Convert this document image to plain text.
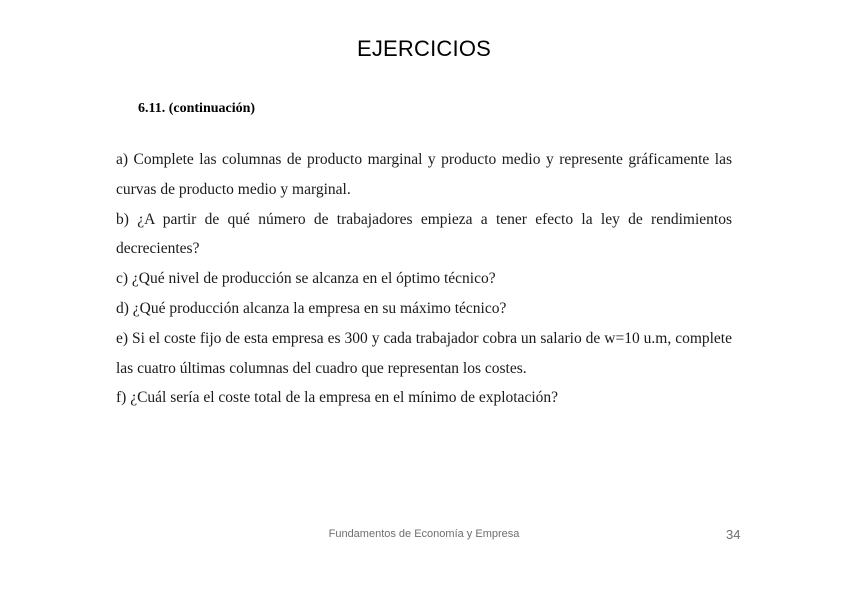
EJERCICIOS
6.11. (continuación)

a) Complete las columnas de producto marginal y producto medio y represente gráficamente las curvas de producto medio y marginal.

b) ¿A partir de qué número de trabajadores empieza a tener efecto la ley de rendimientos decrecientes?

c) ¿Qué nivel de producción se alcanza en el óptimo técnico?

d) ¿Qué producción alcanza la empresa en su máximo técnico?

e) Si el coste fijo de esta empresa es 300 y cada trabajador cobra un salario de w=10 u.m, complete las cuatro últimas columnas del cuadro que representan los costes.

f) ¿Cuál sería el coste total de la empresa en el mínimo de explotación?

Fundamentos de Economía y Empresa	34
